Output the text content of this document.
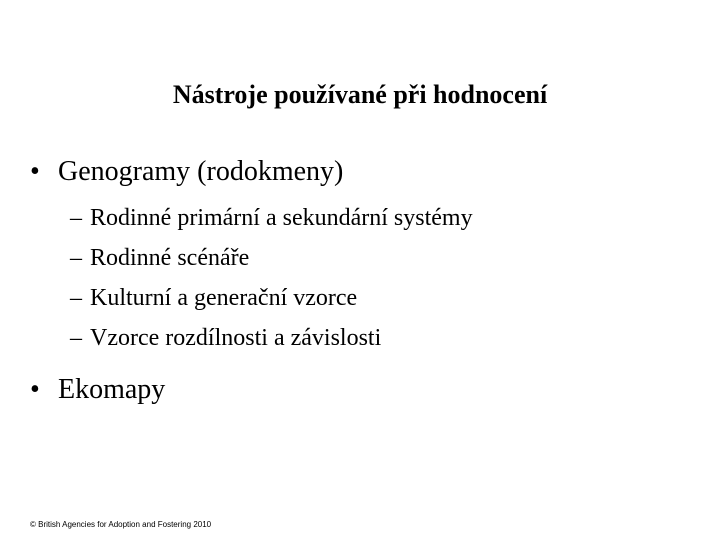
Nástroje používané při hodnocení
• Genogramy (rodokmeny)
– Rodinné primární a sekundární systémy
– Rodinné scénáře
– Kulturní a generační vzorce
– Vzorce rozdílnosti a závislosti
• Ekomapy
© British Agencies for Adoption and Fostering 2010
